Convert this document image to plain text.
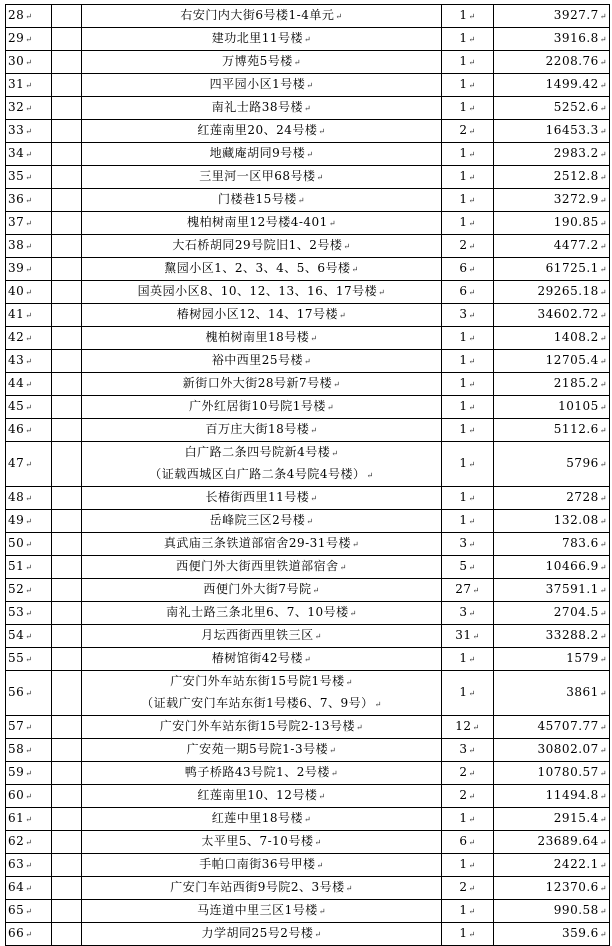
28↵		右安门内大街6号楼1-4单元↵	1↵	3927.7↵
29↵		建功北里11号楼↵	1↵	3916.8↵
30↵		万博苑5号楼↵	1↵	2208.76↵
31↵		四平园小区1号楼↵	1↵	1499.42↵
32↵		南礼士路38号楼↵	1↵	5252.6↵
33↵		红莲南里20、24号楼↵	2↵	16453.3↵
34↵		地藏庵胡同9号楼↵	1↵	2983.2↵
35↵		三里河一区甲68号楼↵	1↵	2512.8↵
36↵		门楼巷15号楼↵	1↵	3272.9↵
37↵		槐柏树南里12号楼4-401↵	1↵	190.85↵
38↵		大石桥胡同29号院旧1、2号楼↵	2↵	4477.2↵
39↵		黧园小区1、2、3、4、5、6号楼↵	6↵	61725.1↵
40↵		国英园小区8、10、12、13、16、17号楼↵	6↵	29265.18↵
41↵		椿树园小区12、14、17号楼↵	3↵	34602.72↵
42↵		槐柏树南里18号楼↵	1↵	1408.2↵
43↵		裕中西里25号楼↵	1↵	12705.4↵
44↵		新街口外大街28号新7号楼↵	1↵	2185.2↵
45↵		广外红居街10号院1号楼↵	1↵	10105↵
46↵		百万庄大街18号楼↵	1↵	5112.6↵
47↵		白广路二条四号院新4号楼↵
（证载西城区白广路二条4号院4号楼）↵	1↵	5796↵
48↵		长椿街西里11号楼↵	1↵	2728↵
49↵		岳峰院三区2号楼↵	1↵	132.08↵
50↵		真武庙三条铁道部宿舍29-31号楼↵	3↵	783.6↵
51↵		西便门外大街西里铁道部宿舍↵	5↵	10466.9↵
52↵		西便门外大街7号院↵	27↵	37591.1↵
53↵		南礼士路三条北里6、7、10号楼↵	3↵	2704.5↵
54↵		月坛西街西里铁三区↵	31↵	33288.2↵
55↵		椿树馆街42号楼↵	1↵	1579↵
56↵		广安门外车站东街15号院1号楼↵
（证载广安门车站东街1号楼6、7、9号）↵	1↵	3861↵
57↵		广安门外车站东街15号院2-13号楼↵	12↵	45707.77↵
58↵		广安苑一期5号院1-3号楼↵	3↵	30802.07↵
59↵		鸭子桥路43号院1、2号楼↵	2↵	10780.57↵
60↵		红莲南里10、12号楼↵	2↵	11494.8↵
61↵		红莲中里18号楼↵	1↵	2915.4↵
62↵		太平里5、7-10号楼↵	6↵	23689.64↵
63↵		手帕口南街36号甲楼↵	1↵	2422.1↵
64↵		广安门车站西街9号院2、3号楼↵	2↵	12370.6↵
65↵		马连道中里三区1号楼↵	1↵	990.58↵
66↵		力学胡同25号2号楼↵	1↵	359.6↵
